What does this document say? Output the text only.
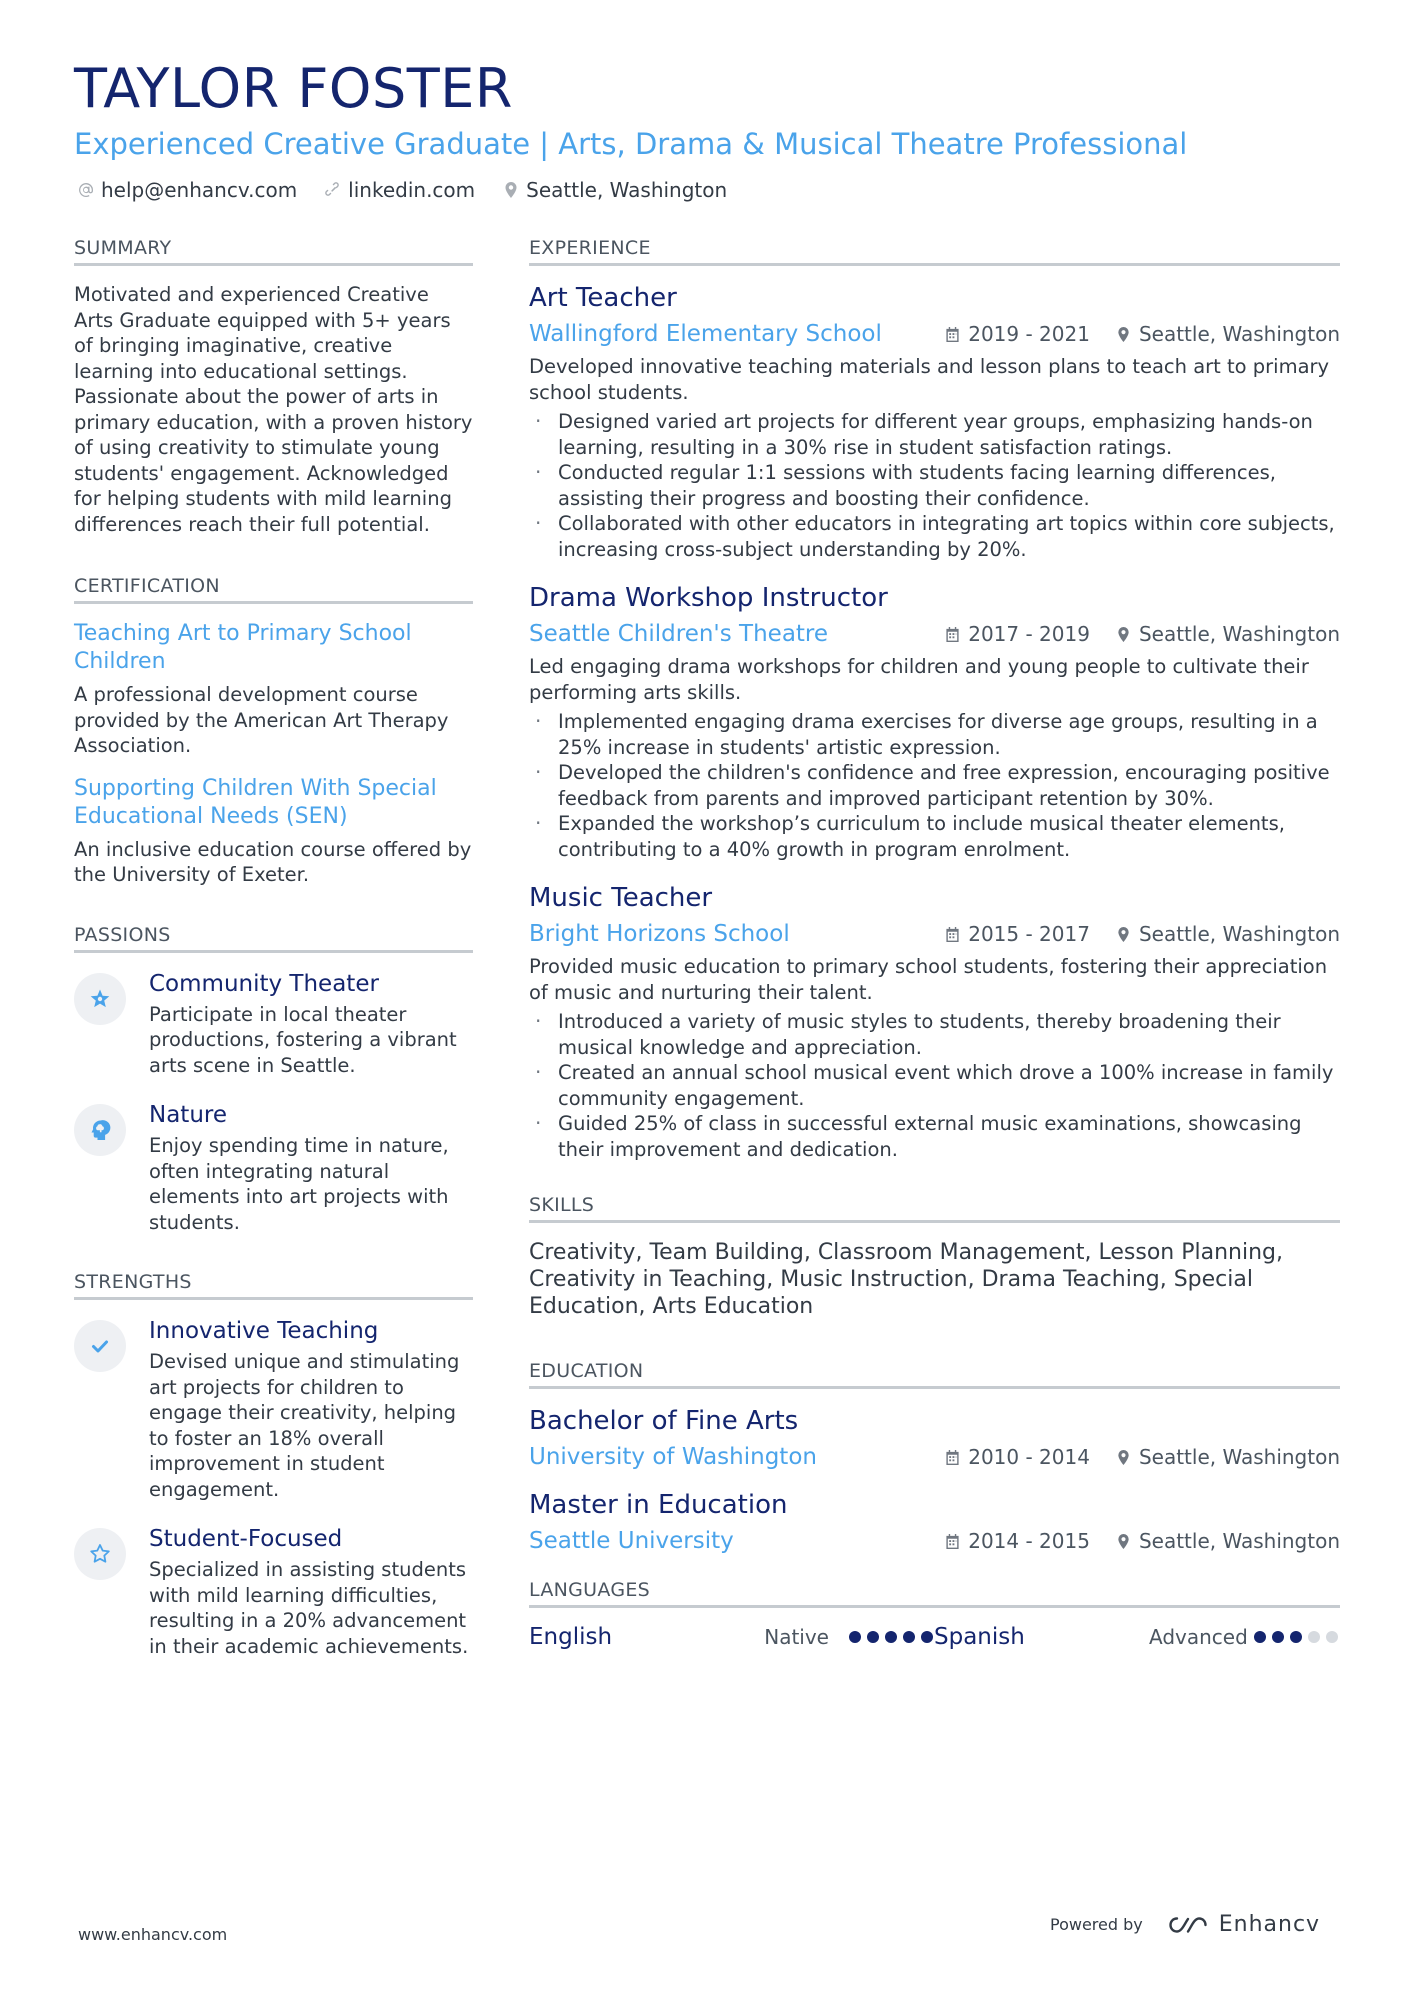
TAYLOR FOSTER
Experienced Creative Graduate | Arts, Drama & Musical Theatre Professional
help@enhancv.com	linkedin.com	Seattle, Washington
SUMMARY

Motivated and experienced Creative Arts Graduate equipped with 5+ years of bringing imaginative, creative learning into educational settings. Passionate about the power of arts in primary education, with a proven history of using creativity to stimulate young students' engagement. Acknowledged for helping students with mild learning differences reach their full potential.

CERTIFICATION
Teaching Art to Primary School Children

A professional development course provided by the American Art Therapy Association.

Supporting Children With Special Educational Needs (SEN)

An inclusive education course offered by the University of Exeter.

PASSIONS
Community Theater

Participate in local theater productions, fostering a vibrant arts scene in Seattle.

Nature

Enjoy spending time in nature, often integrating natural elements into art projects with students.

STRENGTHS
Innovative Teaching

Devised unique and stimulating art projects for children to engage their creativity, helping to foster an 18% overall improvement in student engagement.

Student-Focused

Specialized in assisting students with mild learning difficulties, resulting in a 20% advancement in their academic achievements.

EXPERIENCE
Art Teacher
Wallingford Elementary School	2019 - 2021 Seattle, Washington

Developed innovative teaching materials and lesson plans to teach art to primary school students.

· Designed varied art projects for different year groups, emphasizing hands-on learning, resulting in a 30% rise in student satisfaction ratings.
· Conducted regular 1:1 sessions with students facing learning differences, assisting their progress and boosting their confidence.
· Collaborated with other educators in integrating art topics within core subjects, increasing cross-subject understanding by 20%.
Drama Workshop Instructor
Seattle Children's Theatre	2017 - 2019 Seattle, Washington

Led engaging drama workshops for children and young people to cultivate their performing arts skills.

· Implemented engaging drama exercises for diverse age groups, resulting in a 25% increase in students' artistic expression.
· Developed the children's confidence and free expression, encouraging positive feedback from parents and improved participant retention by 30%.
· Expanded the workshop’s curriculum to include musical theater elements, contributing to a 40% growth in program enrolment.
Music Teacher
Bright Horizons School	2015 - 2017 Seattle, Washington

Provided music education to primary school students, fostering their appreciation of music and nurturing their talent.

· Introduced a variety of music styles to students, thereby broadening their musical knowledge and appreciation.
· Created an annual school musical event which drove a 100% increase in family community engagement.
· Guided 25% of class in successful external music examinations, showcasing their improvement and dedication.
SKILLS

Creativity, Team Building, Classroom Management, Lesson Planning, Creativity in Teaching, Music Instruction, Drama Teaching, Special Education, Arts Education

EDUCATION
Bachelor of Fine Arts
University of Washington	2010 - 2014 Seattle, Washington
Master in Education
Seattle University	2014 - 2015 Seattle, Washington
LANGUAGES
English	Native	Spanish	Advanced
www.enhancv.com
Powered by	Enhancv
